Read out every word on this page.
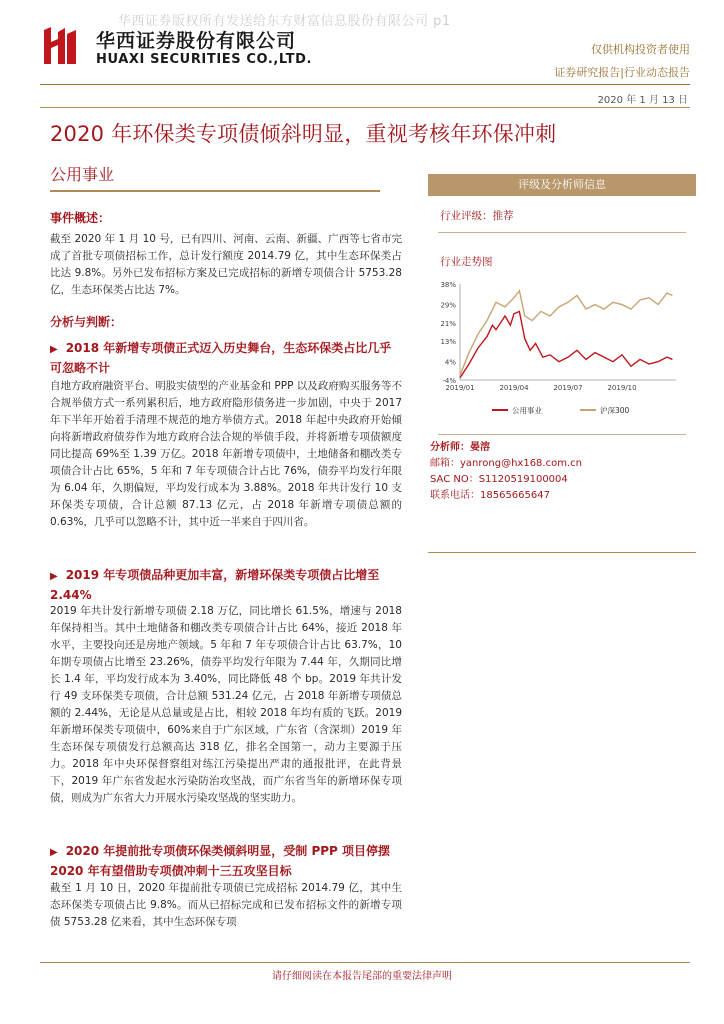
华西证券版权所有发送给东方财富信息股份有限公司 p1
华西证券股份有限公司
HUAXI SECURITIES CO.,LTD.
仅供机构投资者使用
证券研究报告|行业动态报告
2020 年 1 月 13 日
2020 年环保类专项债倾斜明显，重视考核年环保冲刺
公用事业
事件概述：
截至 2020 年 1 月 10 号，已有四川、河南、云南、新疆、广西等七省市完成了首批专项债招标工作，总计发行额度 2014.79 亿，其中生态环保类占比达 9.8%。另外已发布招标方案及已完成招标的新增专项债合计 5753.28 亿，生态环保类占比达 7%。
分析与判断：
▶ 2018 年新增专项债正式迈入历史舞台，生态环保类占比几乎可忽略不计
自地方政府融资平台、明股实债型的产业基金和 PPP 以及政府购买服务等不合规举债方式一系列累积后，地方政府隐形债务进一步加剧，中央于 2017 年下半年开始着手清理不规范的地方举债方式。2018 年起中央政府开始倾向将新增政府债券作为地方政府合法合规的举债手段，并将新增专项债额度同比提高 69%至 1.39 万亿。2018 年新增专项债中，土地储备和棚改类专项债合计占比 65%，5 年和 7 年专项债合计占比 76%，债券平均发行年限为 6.04 年，久期偏短，平均发行成本为 3.88%。2018 年共计发行 10 支环保类专项债，合计总额 87.13 亿元，占 2018 年新增专项债总额的 0.63%，几乎可以忽略不计，其中近一半来自于四川省。
▶ 2019 年专项债品种更加丰富，新增环保类专项债占比增至 2.44%
2019 年共计发行新增专项债 2.18 万亿，同比增长 61.5%，增速与 2018 年保持相当。其中土地储备和棚改类专项债合计占比 64%，接近 2018 年水平，主要投向还是房地产领域。5 年和 7 年专项债合计占比 63.7%，10 年期专项债占比增至 23.26%，债券平均发行年限为 7.44 年，久期同比增长 1.4 年，平均发行成本为 3.40%，同比降低 48 个 bp。2019 年共计发行 49 支环保类专项债，合计总额 531.24 亿元，占 2018 年新增专项债总额的 2.44%，无论是从总量或是占比，相较 2018 年均有质的飞跃。2019 年新增环保类专项债中，60%来自于广东区域，广东省（含深圳）2019 年生态环保专项债发行总额高达 318 亿，排名全国第一，动力主要源于压力。2018 年中央环保督察组对练江污染提出严肃的通报批评，在此背景下，2019 年广东省发起水污染防治攻坚战，而广东省当年的新增环保专项债，则成为广东省大力开展水污染攻坚战的坚实助力。
▶ 2020 年提前批专项债环保类倾斜明显，受制 PPP 项目停摆 2020 年有望借助专项债冲刺十三五攻坚目标
截至 1 月 10 日，2020 年提前批专项债已完成招标 2014.79 亿，其中生态环保类专项债占比 9.8%。而从已招标完成和已发布招标文件的新增专项债 5753.28 亿来看，其中生态环保专项
评级及分析师信息
行业评级：推荐
行业走势图
-4%
4%
13%
21%
29%
38%
2019/01	2019/04	2019/07	2019/10
公用事业	沪深300
分析师：晏溶
邮箱：yanrong@hx168.com.cn
SAC NO：S1120519100004
联系电话：18565665647
请仔细阅读在本报告尾部的重要法律声明
